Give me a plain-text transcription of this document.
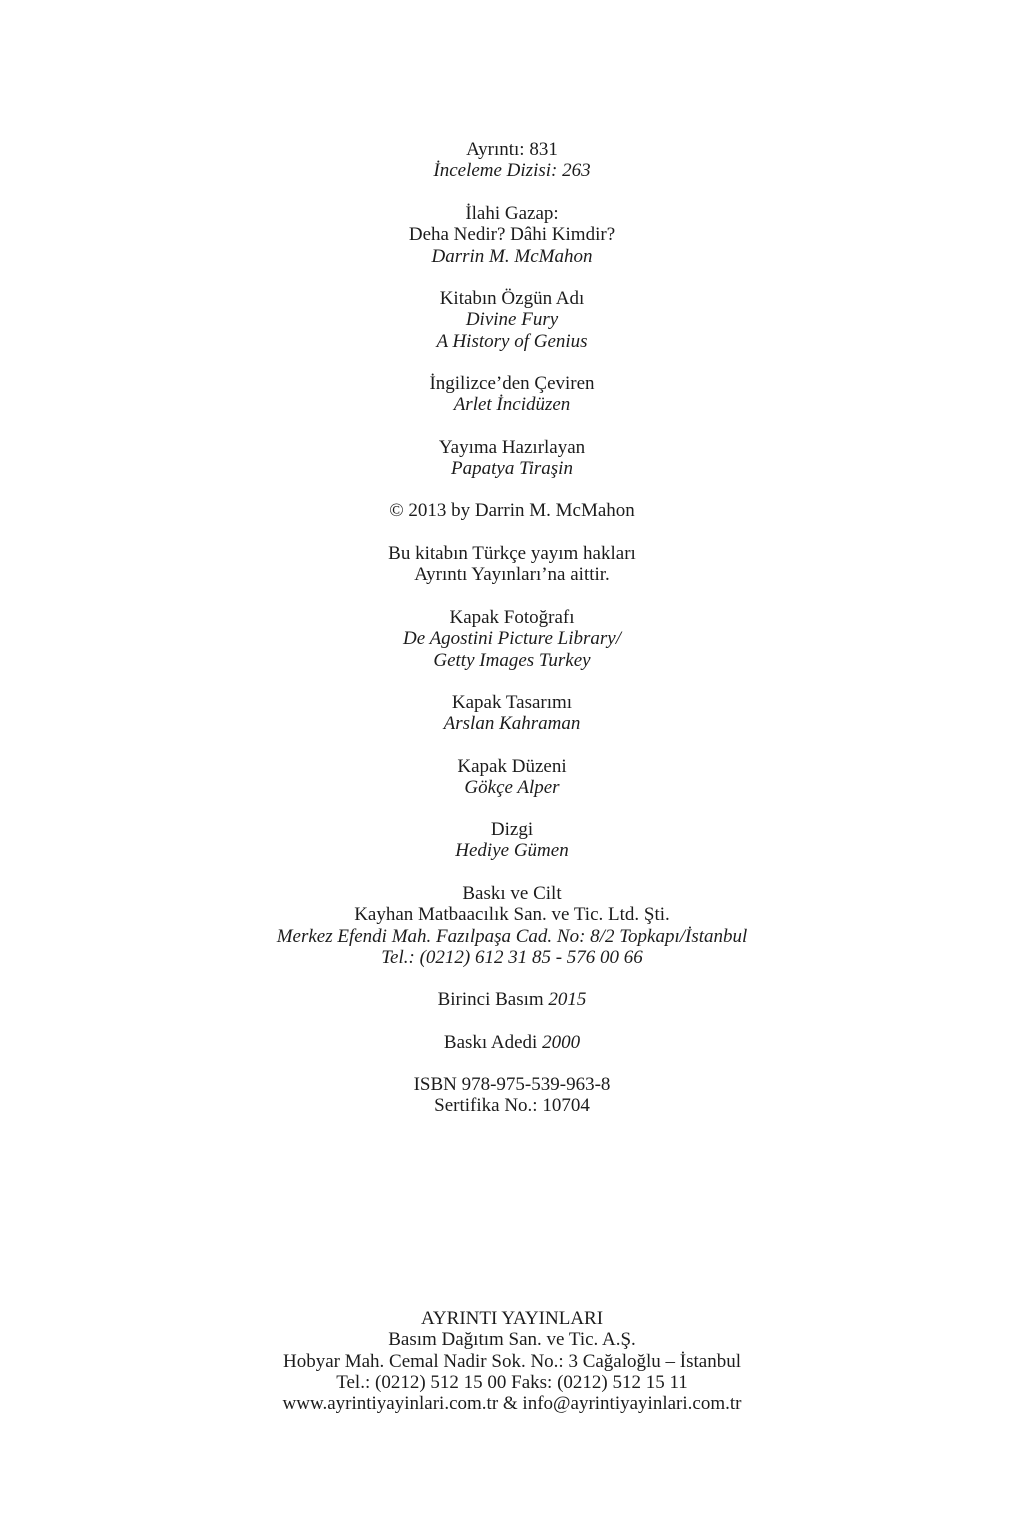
Ayrıntı: 831
İnceleme Dizisi: 263
İlahi Gazap:
Deha Nedir? Dâhi Kimdir?
Darrin M. McMahon
Kitabın Özgün Adı
Divine Fury
A History of Genius
İngilizce’den Çeviren
Arlet İncidüzen
Yayıma Hazırlayan
Papatya Tiraşin
© 2013 by Darrin M. McMahon
Bu kitabın Türkçe yayım hakları
Ayrıntı Yayınları’na aittir.
Kapak Fotoğrafı
De Agostini Picture Library/
Getty Images Turkey
Kapak Tasarımı
Arslan Kahraman
Kapak Düzeni
Gökçe Alper
Dizgi
Hediye Gümen
Baskı ve Cilt
Kayhan Matbaacılık San. ve Tic. Ltd. Şti.
Merkez Efendi Mah. Fazılpaşa Cad. No: 8/2 Topkapı/İstanbul
Tel.: (0212) 612 31 85 - 576 00 66
Birinci Basım 2015
Baskı Adedi 2000
ISBN 978-975-539-963-8
Sertifika No.: 10704
AYRINTI YAYINLARI
Basım Dağıtım San. ve Tic. A.Ş.
Hobyar Mah. Cemal Nadir Sok. No.: 3 Cağaloğlu – İstanbul
Tel.: (0212) 512 15 00 Faks: (0212) 512 15 11
www.ayrintiyayinlari.com.tr & info@ayrintiyayinlari.com.tr
